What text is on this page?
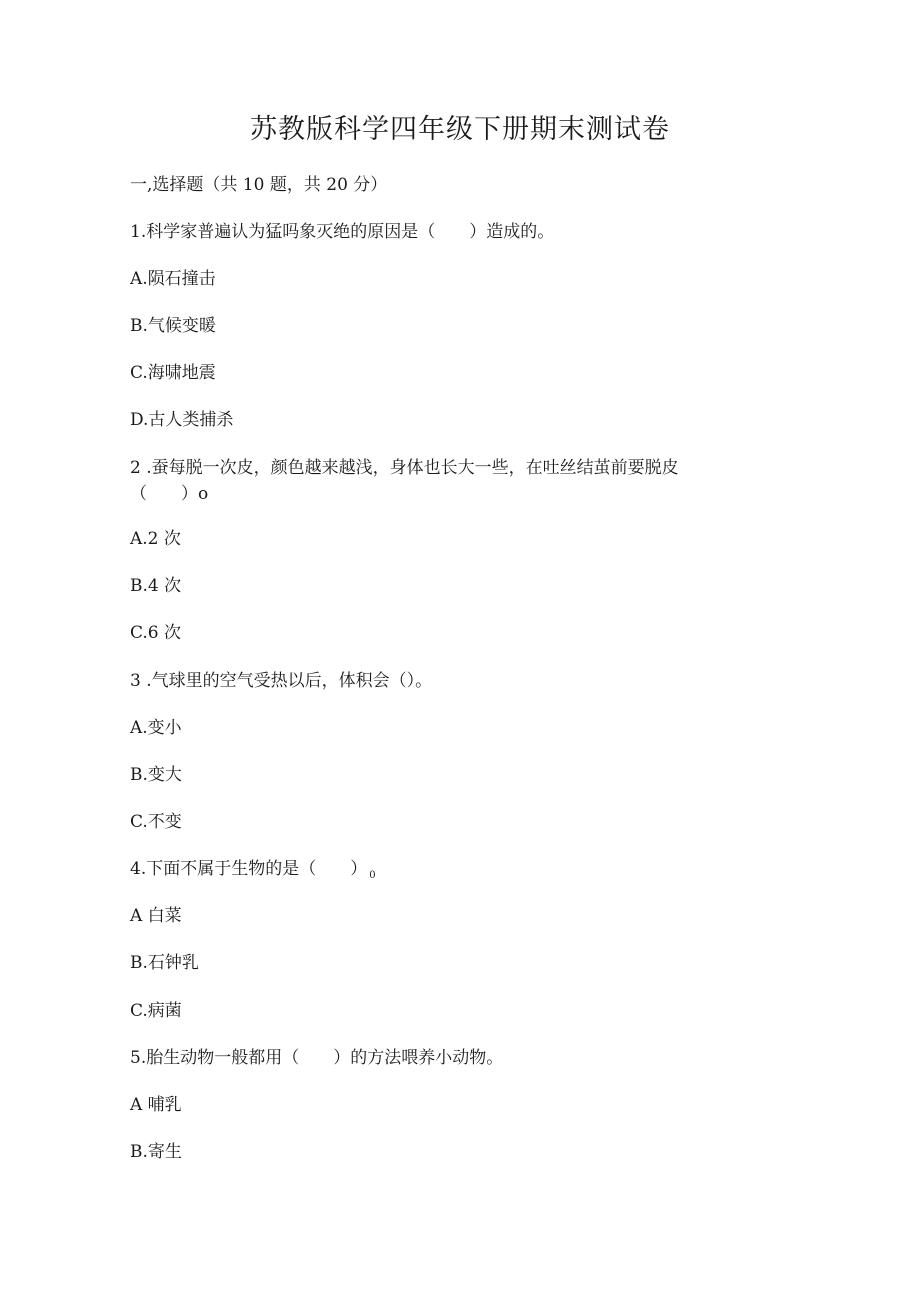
苏教版科学四年级下册期末测试卷
一,选择题（共 10 题，共 20 分）
1.科学家普遍认为猛吗象灭绝的原因是（　　）造成的。
A.陨石撞击
B.气候变暖
C.海啸地震
D.古人类捕杀
2 .蚕每脱一次皮，颜色越来越浅，身体也长大一些，在吐丝结茧前要脱皮
（　　）o
A.2 次
B.4 次
C.6 次
3 .气球里的空气受热以后，体积会（）。
A.变小
B.变大
C.不变
4.下面不属于生物的是（　　） $_0$
A 白菜
B.石钟乳
C.病菌
5.胎生动物一般都用（　　）的方法喂养小动物。
A 哺乳
B.寄生
